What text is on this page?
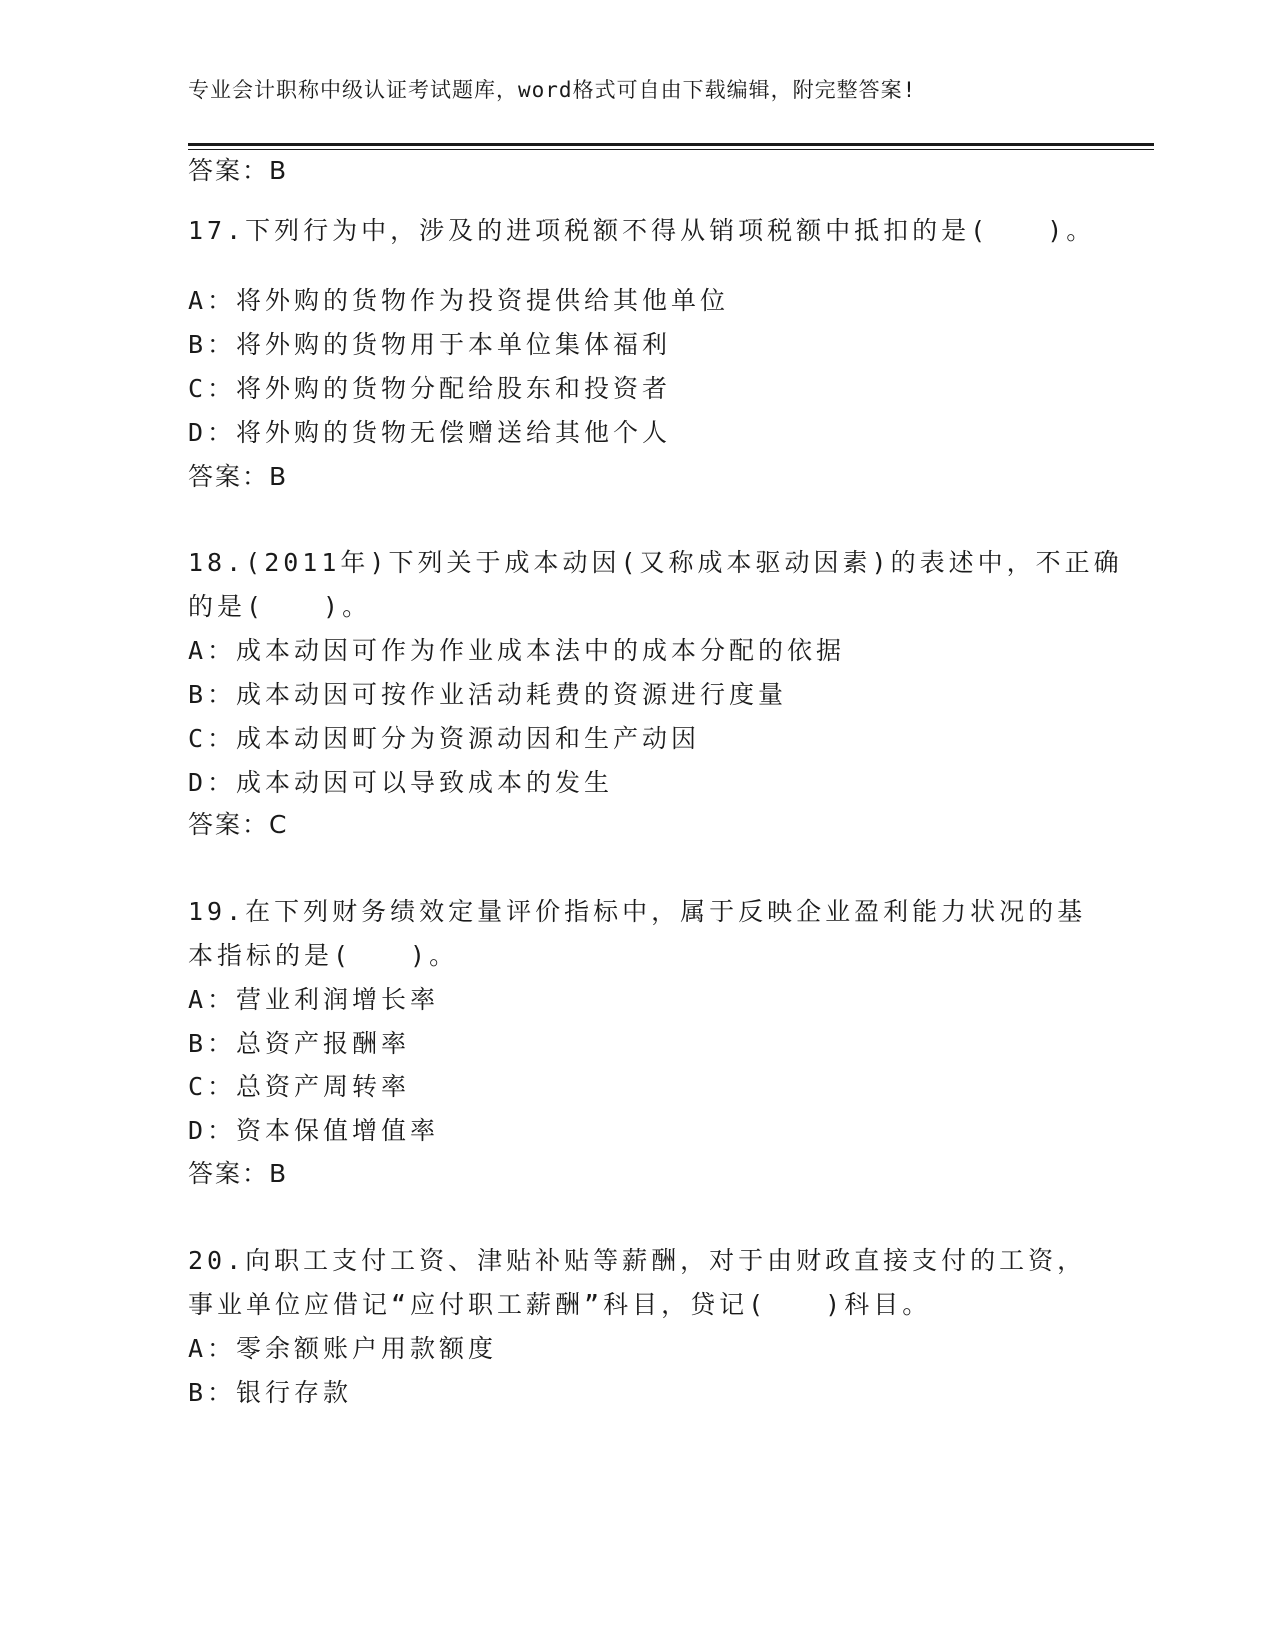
专业会计职称中级认证考试题库，word格式可自由下载编辑，附完整答案!
答案：B
17.下列行为中，涉及的进项税额不得从销项税额中抵扣的是(　　)。
A：将外购的货物作为投资提供给其他单位
B：将外购的货物用于本单位集体福利
C：将外购的货物分配给股东和投资者
D：将外购的货物无偿赠送给其他个人
答案：B
18.(2011年)下列关于成本动因(又称成本驱动因素)的表述中，不正确
的是(　　)。
A：成本动因可作为作业成本法中的成本分配的依据
B：成本动因可按作业活动耗费的资源进行度量
C：成本动因町分为资源动因和生产动因
D：成本动因可以导致成本的发生
答案：C
19.在下列财务绩效定量评价指标中，属于反映企业盈利能力状况的基
本指标的是(　　)。
A：营业利润增长率
B：总资产报酬率
C：总资产周转率
D：资本保值增值率
答案：B
20.向职工支付工资、津贴补贴等薪酬，对于由财政直接支付的工资，
事业单位应借记“应付职工薪酬”科目，贷记(　　)科目。
A：零余额账户用款额度
B：银行存款
